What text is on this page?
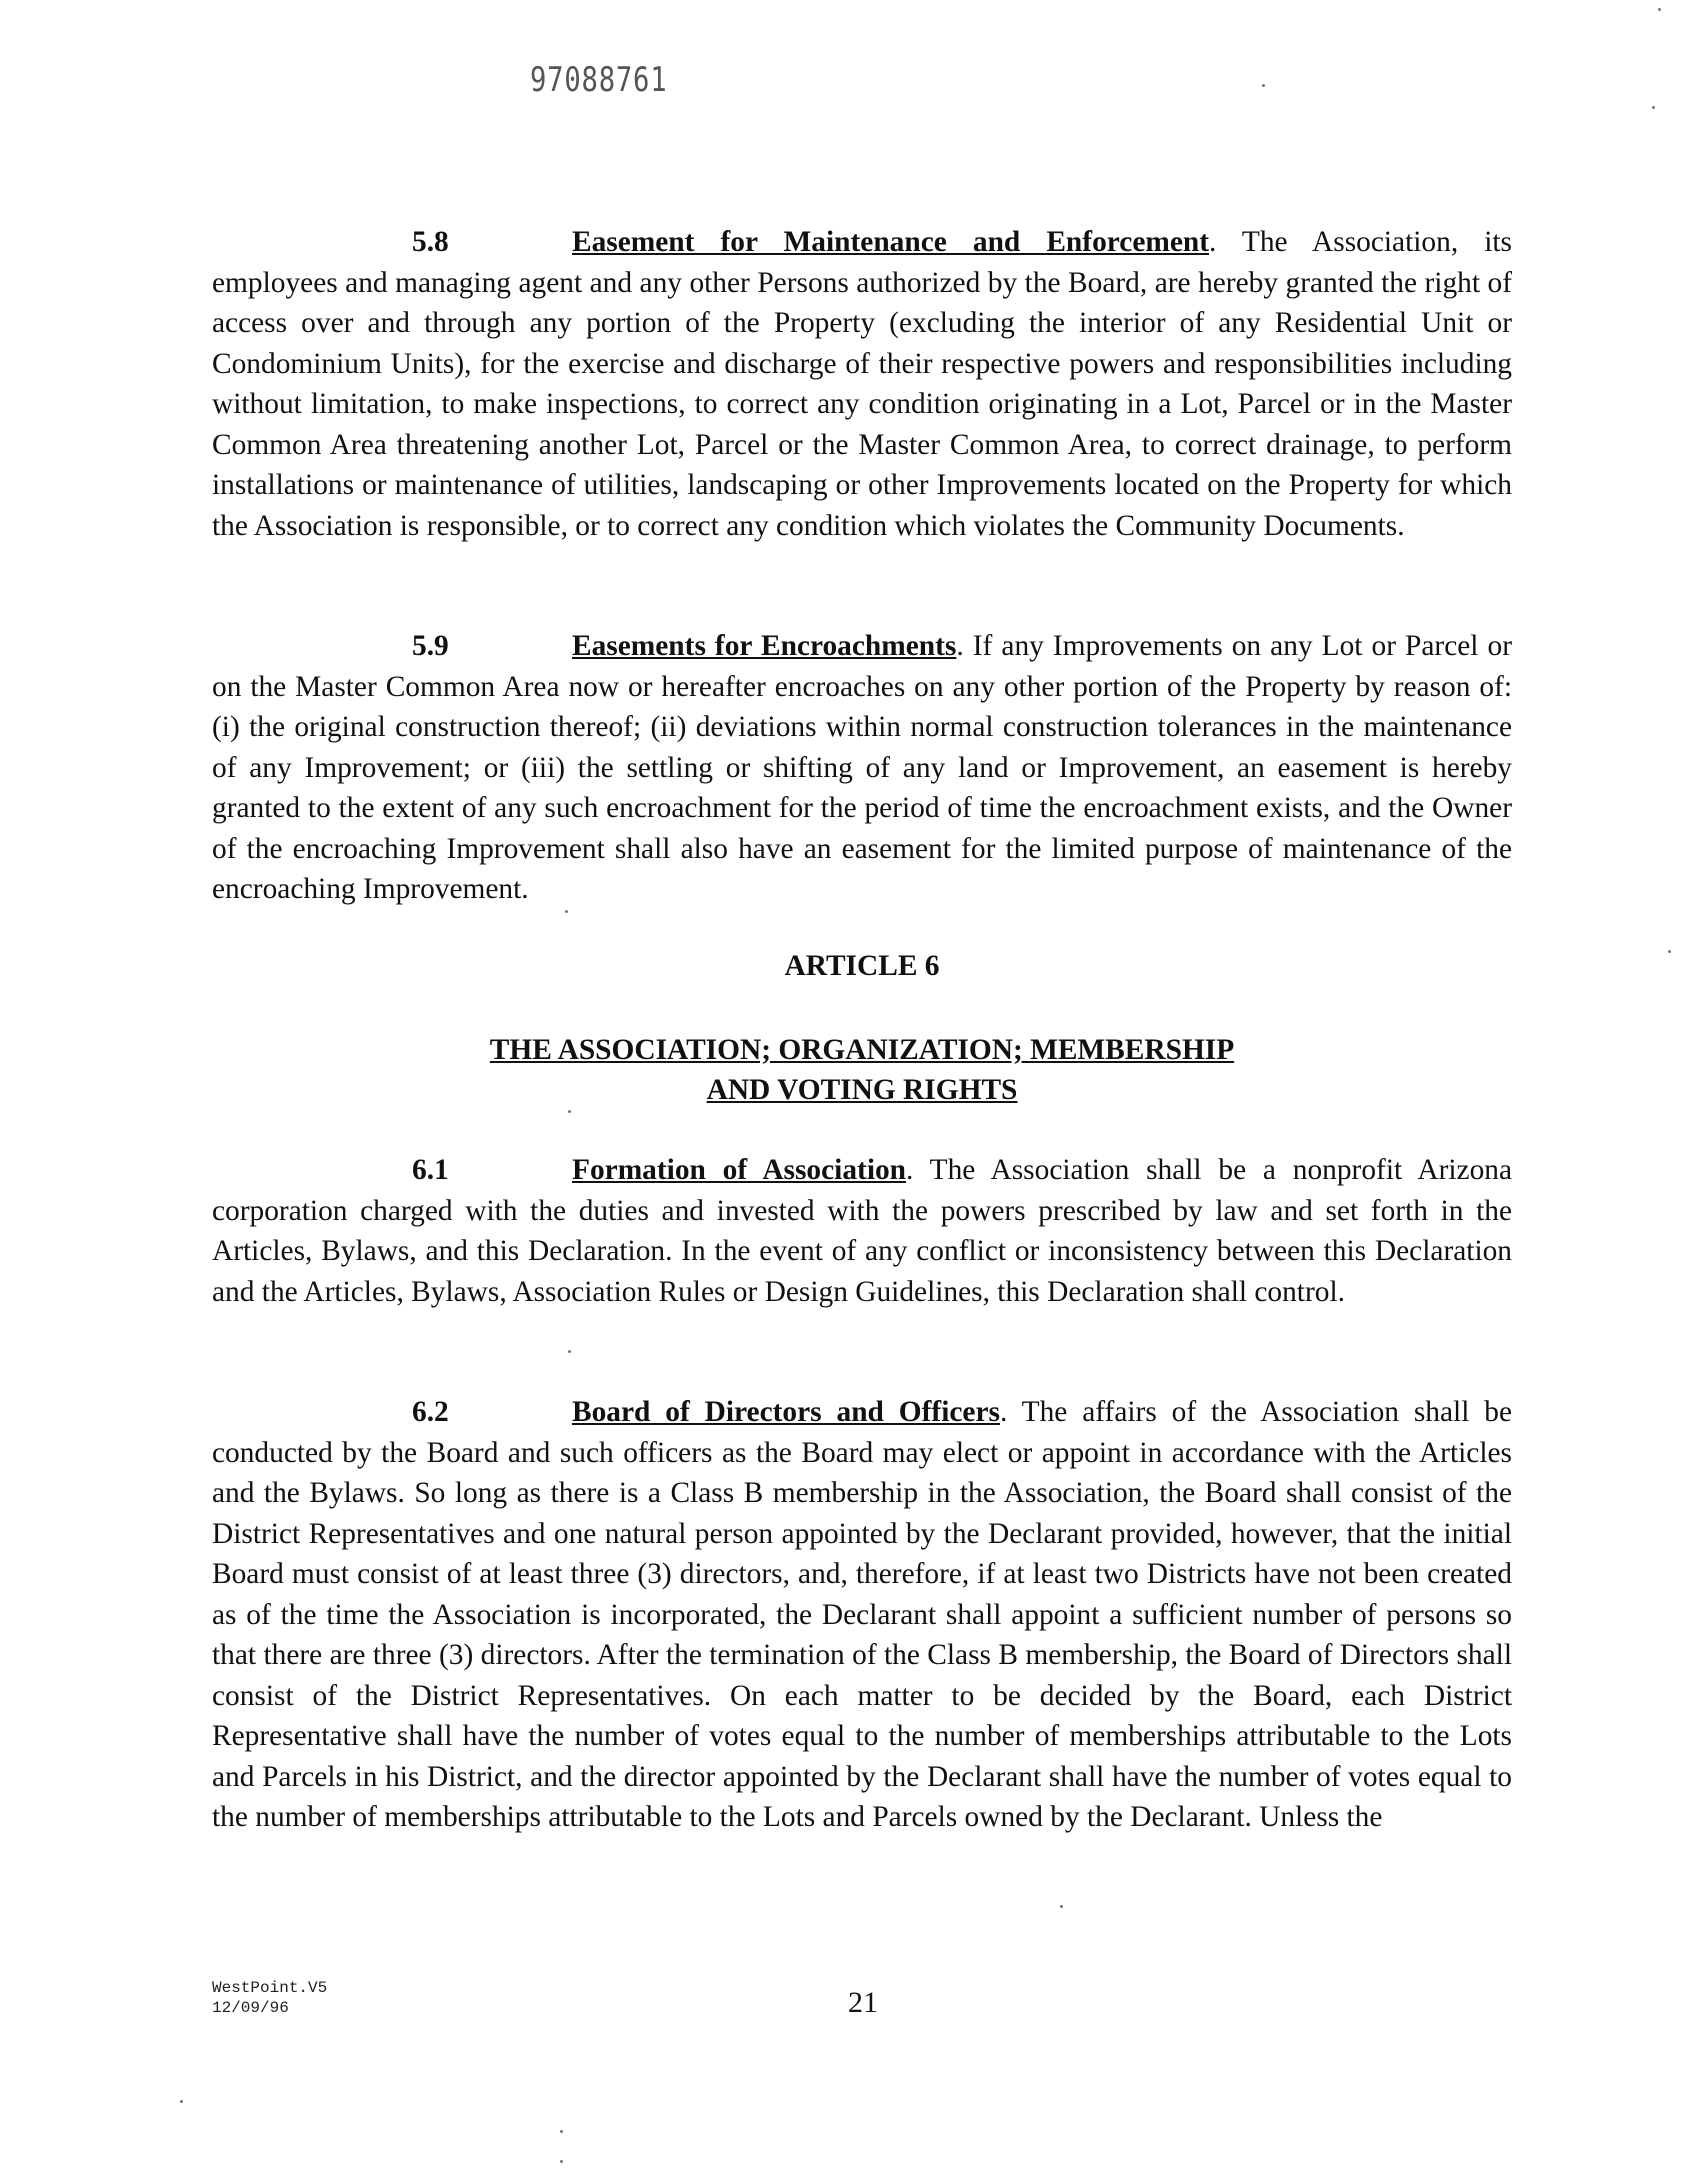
97088761

5.8	Easement for Maintenance and Enforcement. The Association, its employees and managing agent and any other Persons authorized by the Board, are hereby granted the right of access over and through any portion of the Property (excluding the interior of any Residential Unit or Condominium Units), for the exercise and discharge of their respective powers and responsibilities including without limitation, to make inspections, to correct any condition originating in a Lot, Parcel or in the Master Common Area threatening another Lot, Parcel or the Master Common Area, to correct drainage, to perform installations or maintenance of utilities, landscaping or other Improvements located on the Property for which the Association is responsible, or to correct any condition which violates the Community Documents.

5.9	Easements for Encroachments. If any Improvements on any Lot or Parcel or on the Master Common Area now or hereafter encroaches on any other portion of the Property by reason of: (i) the original construction thereof; (ii) deviations within normal construction tolerances in the maintenance of any Improvement; or (iii) the settling or shifting of any land or Improvement, an easement is hereby granted to the extent of any such encroachment for the period of time the encroachment exists, and the Owner of the encroaching Improvement shall also have an easement for the limited purpose of maintenance of the encroaching Improvement.

ARTICLE 6

THE ASSOCIATION; ORGANIZATION; MEMBERSHIP

AND VOTING RIGHTS

6.1	Formation of Association. The Association shall be a nonprofit Arizona corporation charged with the duties and invested with the powers prescribed by law and set forth in the Articles, Bylaws, and this Declaration. In the event of any conflict or inconsistency between this Declaration and the Articles, Bylaws, Association Rules or Design Guidelines, this Declaration shall control.

6.2	Board of Directors and Officers. The affairs of the Association shall be conducted by the Board and such officers as the Board may elect or appoint in accordance with the Articles and the Bylaws. So long as there is a Class B membership in the Association, the Board shall consist of the District Representatives and one natural person appointed by the Declarant provided, however, that the initial Board must consist of at least three (3) directors, and, therefore, if at least two Districts have not been created as of the time the Association is incorporated, the Declarant shall appoint a sufficient number of persons so that there are three (3) directors. After the termination of the Class B membership, the Board of Directors shall consist of the District Representatives. On each matter to be decided by the Board, each District Representative shall have the number of votes equal to the number of memberships attributable to the Lots and Parcels in his District, and the director appointed by the Declarant shall have the number of votes equal to the number of memberships attributable to the Lots and Parcels owned by the Declarant. Unless the

WestPoint.V5
12/09/96	21
